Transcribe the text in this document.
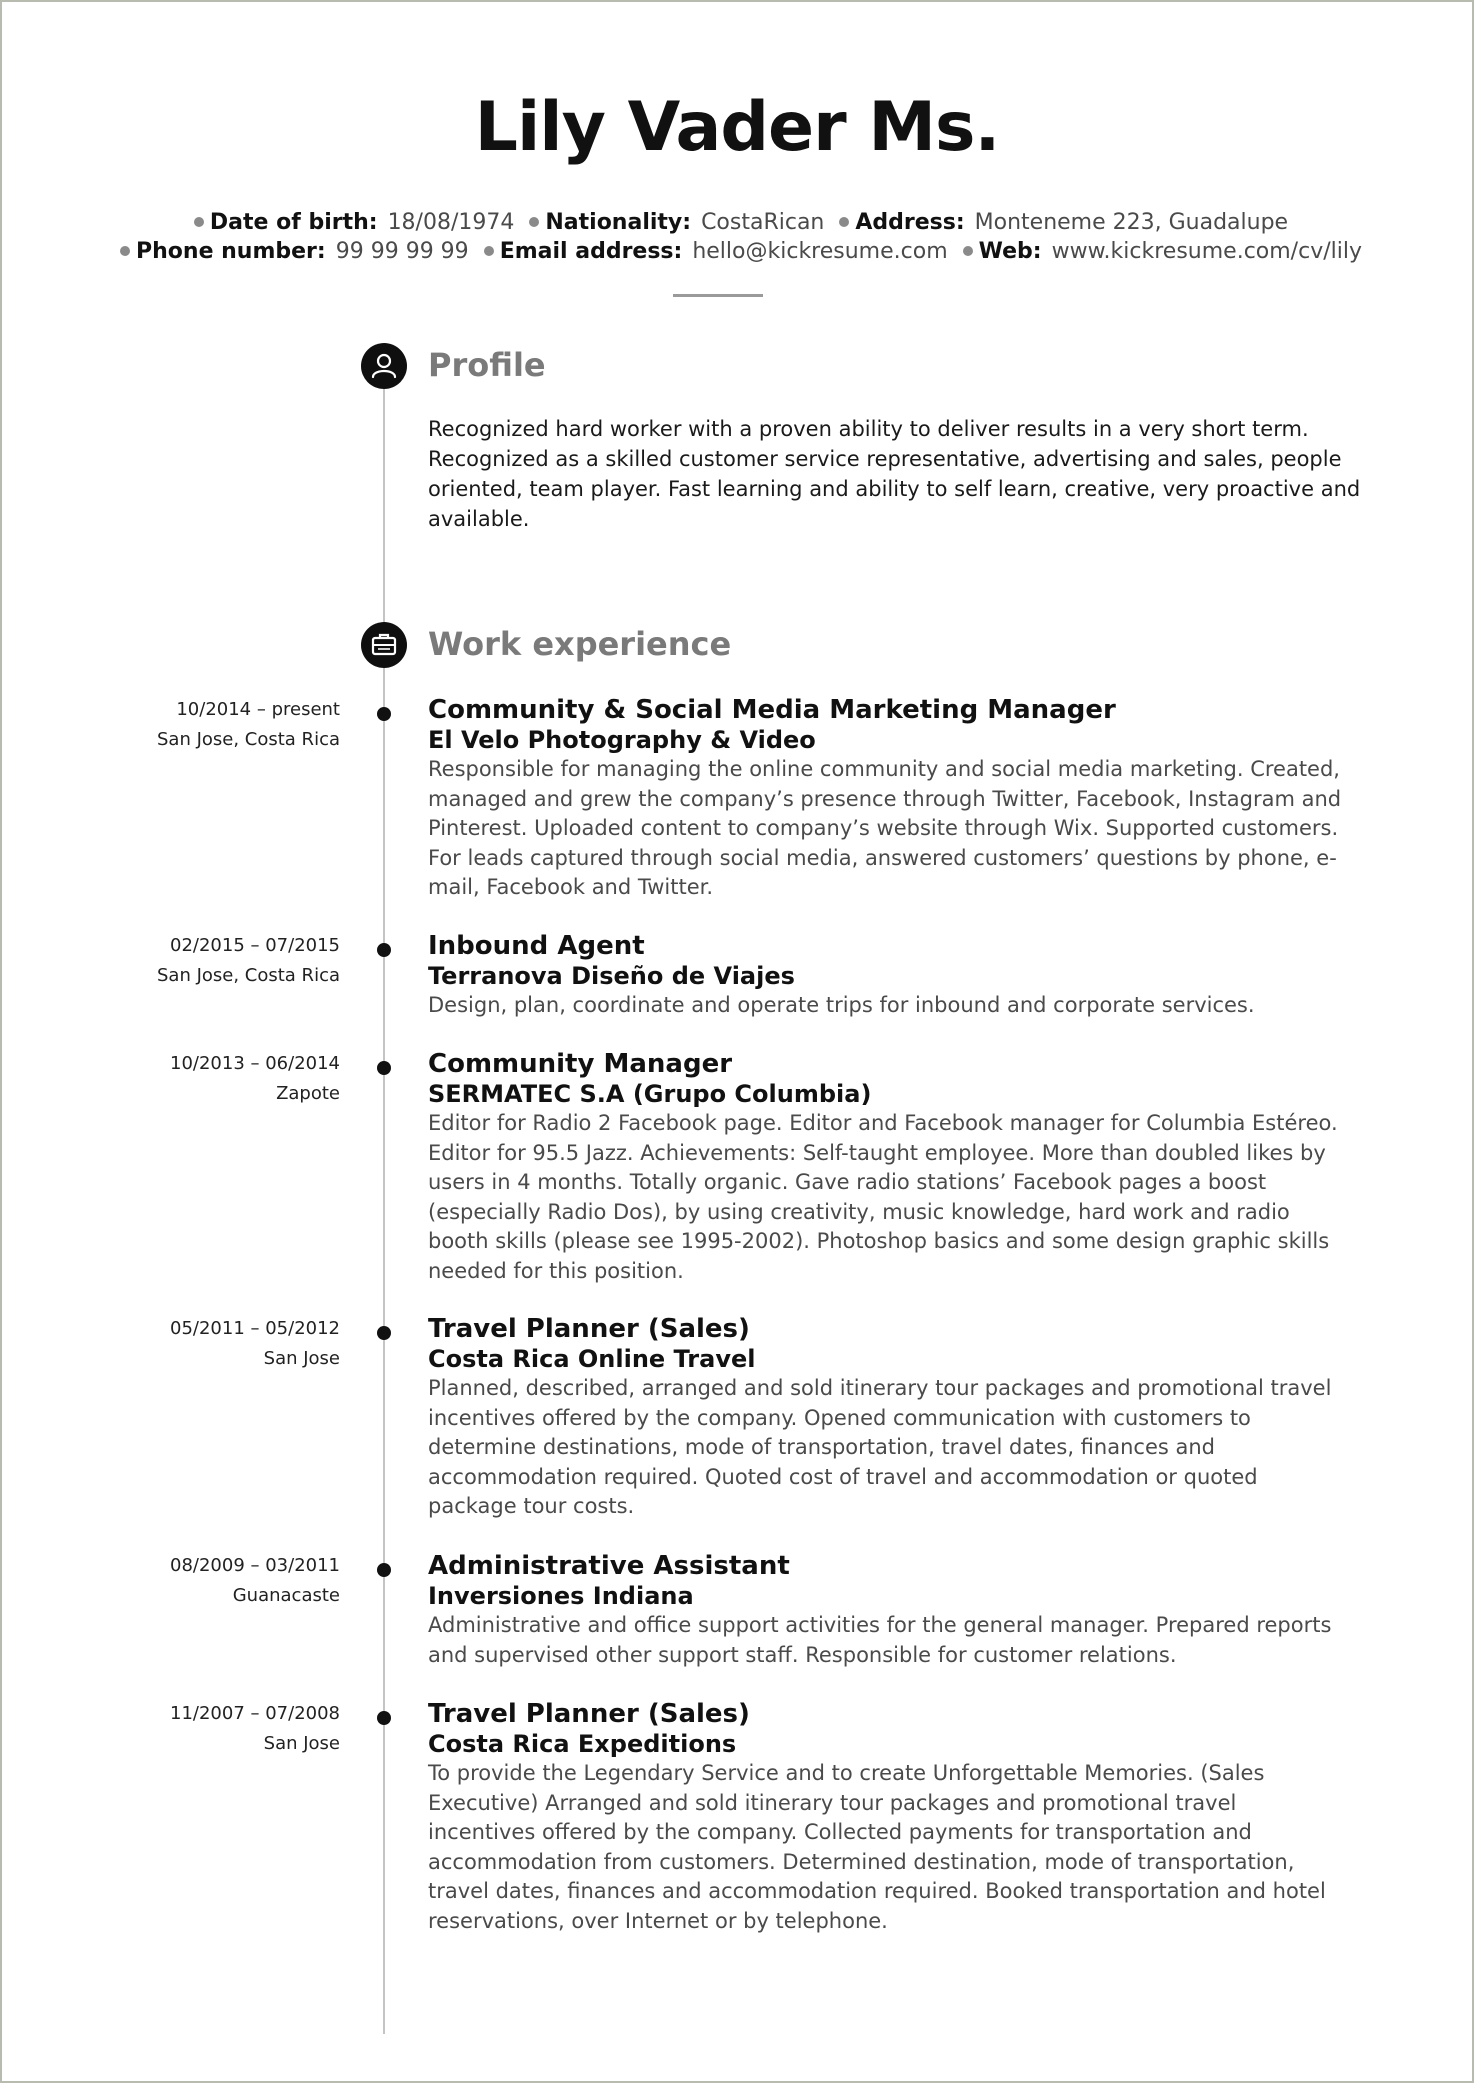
Lily Vader Ms.
Date of birth: 18/08/1974 Nationality: CostaRican Address: Monteneme 223, Guadalupe
Phone number: 99 99 99 99 Email address: hello@kickresume.com Web: www.kickresume.com/cv/lily
Profile
Recognized hard worker with a proven ability to deliver results in a very short term. Recognized as a skilled customer service representative, advertising and sales, people oriented, team player. Fast learning and ability to self learn, creative, very proactive and available.
Work experience
10/2014 – present
San Jose, Costa Rica
Community & Social Media Marketing Manager
El Velo Photography & Video
Responsible for managing the online community and social media marketing. Created, managed and grew the company’s presence through Twitter, Facebook, Instagram and Pinterest. Uploaded content to company’s website through Wix. Supported customers. For leads captured through social media, answered customers’ questions by phone, e-mail, Facebook and Twitter.
02/2015 – 07/2015
San Jose, Costa Rica
Inbound Agent
Terranova Diseño de Viajes
Design, plan, coordinate and operate trips for inbound and corporate services.
10/2013 – 06/2014
Zapote
Community Manager
SERMATEC S.A (Grupo Columbia)
Editor for Radio 2 Facebook page. Editor and Facebook manager for Columbia Estéreo. Editor for 95.5 Jazz. Achievements: Self-taught employee. More than doubled likes by users in 4 months. Totally organic. Gave radio stations’ Facebook pages a boost (especially Radio Dos), by using creativity, music knowledge, hard work and radio booth skills (please see 1995-2002). Photoshop basics and some design graphic skills needed for this position.
05/2011 – 05/2012
San Jose
Travel Planner (Sales)
Costa Rica Online Travel
Planned, described, arranged and sold itinerary tour packages and promotional travel incentives offered by the company. Opened communication with customers to determine destinations, mode of transportation, travel dates, finances and accommodation required. Quoted cost of travel and accommodation or quoted package tour costs.
08/2009 – 03/2011
Guanacaste
Administrative Assistant
Inversiones Indiana
Administrative and office support activities for the general manager. Prepared reports and supervised other support staff. Responsible for customer relations.
11/2007 – 07/2008
San Jose
Travel Planner (Sales)
Costa Rica Expeditions
To provide the Legendary Service and to create Unforgettable Memories. (Sales Executive) Arranged and sold itinerary tour packages and promotional travel incentives offered by the company. Collected payments for transportation and accommodation from customers. Determined destination, mode of transportation, travel dates, finances and accommodation required. Booked transportation and hotel reservations, over Internet or by telephone.
